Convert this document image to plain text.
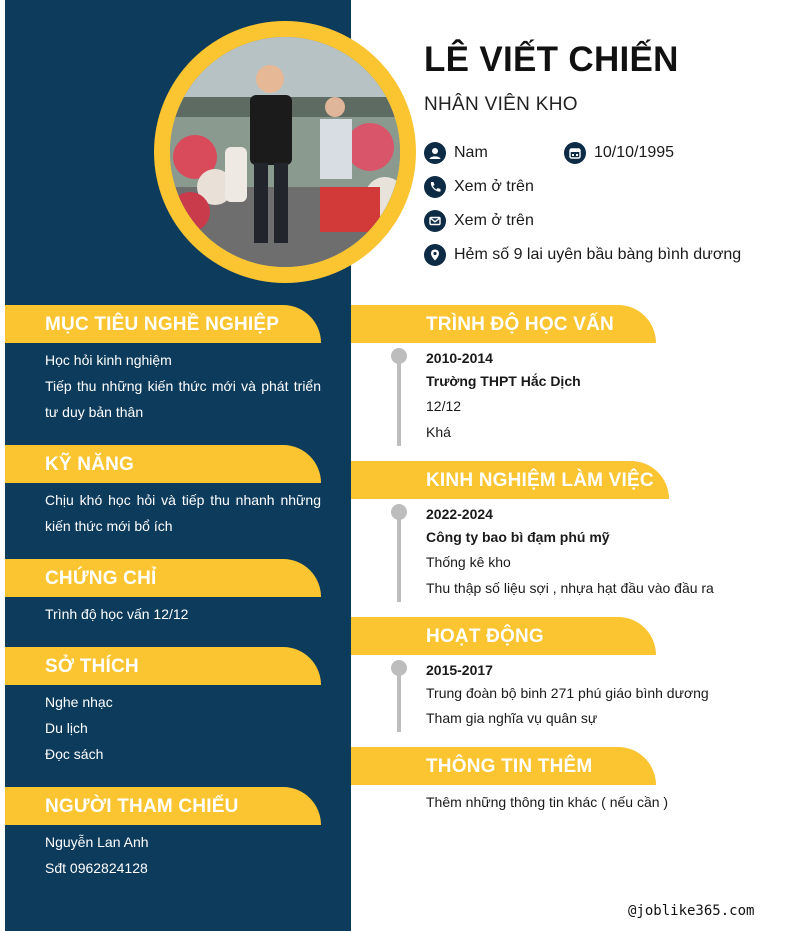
LÊ VIẾT CHIẾN
NHÂN VIÊN KHO
Nam	10/10/1995
Xem ở trên
Xem ở trên
Hẻm số 9 lai uyên bầu bàng bình dương
MỤC TIÊU NGHỀ NGHIỆP
Học hỏi kinh nghiệm
Tiếp thu những kiến thức mới và phát triển tư duy bản thân
KỸ NĂNG
Chịu khó học hỏi và tiếp thu nhanh những kiến thức mới bổ ích
CHỨNG CHỈ
Trình độ học vấn 12/12
SỞ THÍCH
Nghe nhạc
Du lịch
Đọc sách
NGƯỜI THAM CHIẾU
Nguyễn Lan Anh
Sđt 0962824128
TRÌNH ĐỘ HỌC VẤN
2010-2014
Trường THPT Hắc Dịch
12/12
Khá
KINH NGHIỆM LÀM VIỆC
2022-2024
Công ty bao bì đạm phú mỹ
Thống kê kho
Thu thập số liệu sợi , nhựa hạt đầu vào đầu ra
HOẠT ĐỘNG
2015-2017
Trung đoàn bộ binh 271 phú giáo bình dương
Tham gia nghĩa vụ quân sự
THÔNG TIN THÊM
Thêm những thông tin khác ( nếu cần )
@joblike365.com
